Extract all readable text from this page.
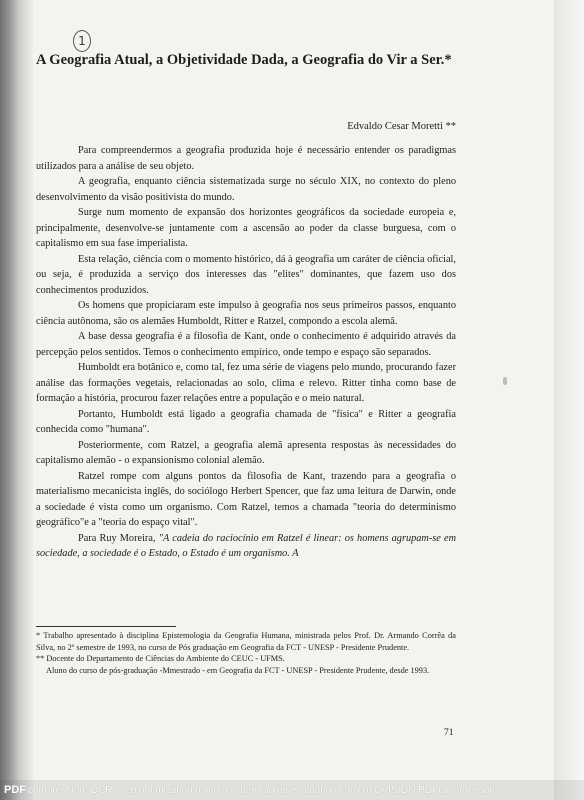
1
A Geografia Atual, a Objetividade Dada, a Geografia do Vir a Ser.*
Edvaldo Cesar Moretti **

Para compreendermos a geografia produzida hoje é necessário entender os paradigmas utilizados para a análise de seu objeto.

A geografia, enquanto ciência sistematizada surge no século XIX, no contexto do pleno desenvolvimento da visão positivista do mundo.

Surge num momento de expansão dos horizontes geográficos da sociedade europeia e, principalmente, desenvolve-se juntamente com a ascensão ao poder da classe burguesa, com o capitalismo em sua fase imperialista.

Esta relação, ciência com o momento histórico, dá à geografia um caráter de ciência oficial, ou seja, é produzida a serviço dos interesses das "elites" dominantes, que fazem uso dos conhecimentos produzidos.

Os homens que propiciaram este impulso à geografia nos seus primeiros passos, enquanto ciência autônoma, são os alemães Humboldt, Ritter e Ratzel, compondo a escola alemã.

A base dessa geografia é a filosofia de Kant, onde o conhecimento é adquirido através da percepção pelos sentidos. Temos o conhecimento empírico, onde tempo e espaço são separados.

Humboldt era botânico e, como tal, fez uma série de viagens pelo mundo, procurando fazer análise das formações vegetais, relacionadas ao solo, clima e relevo. Ritter tinha como base de formação a história, procurou fazer relações entre a população e o meio natural.

Portanto, Humboldt está ligado a geografia chamada de "física" e Ritter a geografia conhecida como "humana".

Posteriormente, com Ratzel, a geografia alemã apresenta respostas às necessidades do capitalismo alemão - o expansionismo colonial alemão.

Ratzel rompe com alguns pontos da filosofia de Kant, trazendo para a geografia o materialismo mecanicista inglês, do sociólogo Herbert Spencer, que faz uma leitura de Darwin, onde a sociedade é vista como um organismo. Com Ratzel, temos a chamada "teoria do determinismo geográfico"e a "teoria do espaço vital".

Para Ruy Moreira, "A cadeia do raciocínio em Ratzel é linear: os homens agrupam-se em sociedade, a sociedade é o Estado, o Estado é um organismo. A

* Trabalho apresentado à disciplina Epistemologia da Geografia Humana, ministrada pelos Prof. Dr. Armando Corrêa da Silva, no 2º semestre de 1993, no curso de Pós graduação em Geografia da FCT - UNESP - Presidente Prudente.

** Docente do Departamento de Ciências do Ambiente do CEUC - UFMS.

Aluno do curso de pós-graduação -Mmestrado - em Geografia da FCT - UNESP - Presidente Prudente, desde 1993.

71
PDF compression, OCR, web optimization using a watermarked evaluation copy of CVISION PDFCompressor
